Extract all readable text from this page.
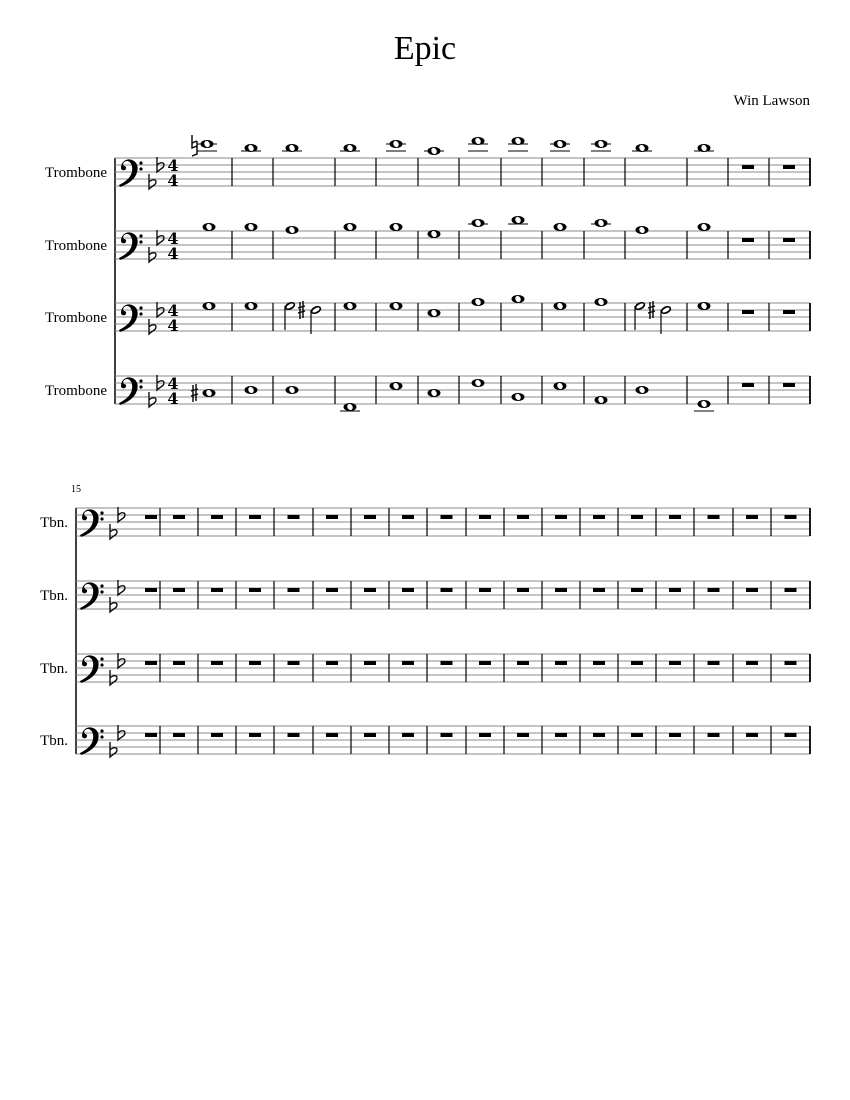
Epic
Win Lawson
4
4
Trombone
4
4
Trombone
4
4
Trombone
4
4
Trombone
15
Tbn.
Tbn.
Tbn.
Tbn.
